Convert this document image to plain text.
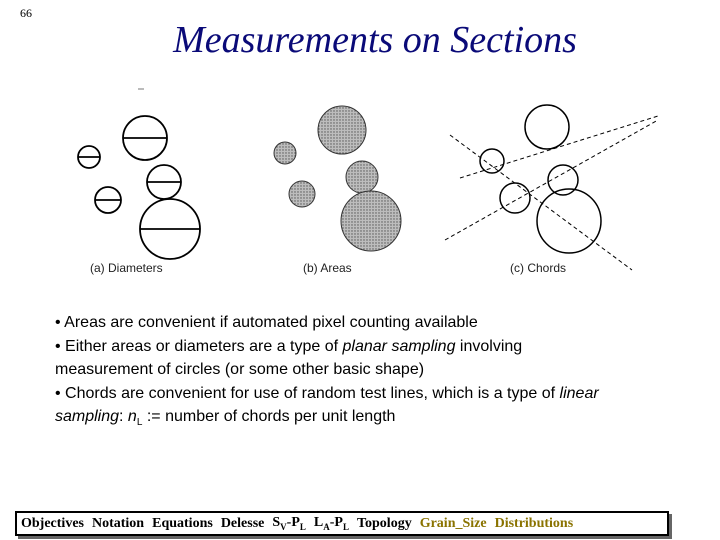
66
Measurements on Sections
(a) Diameters	(b) Areas	(c) Chords

• Areas are convenient if automated pixel counting available

• Either areas or diameters are a type of planar sampling involving

measurement of circles (or some other basic shape)

• Chords are convenient for use of random test lines, which is a type of linear

sampling: $n_L$ := number of chords per unit length

Objectives Notation Equations Delesse $S_V-P_L$ $L_A-P_L$ Topology Grain_Size Distributions
